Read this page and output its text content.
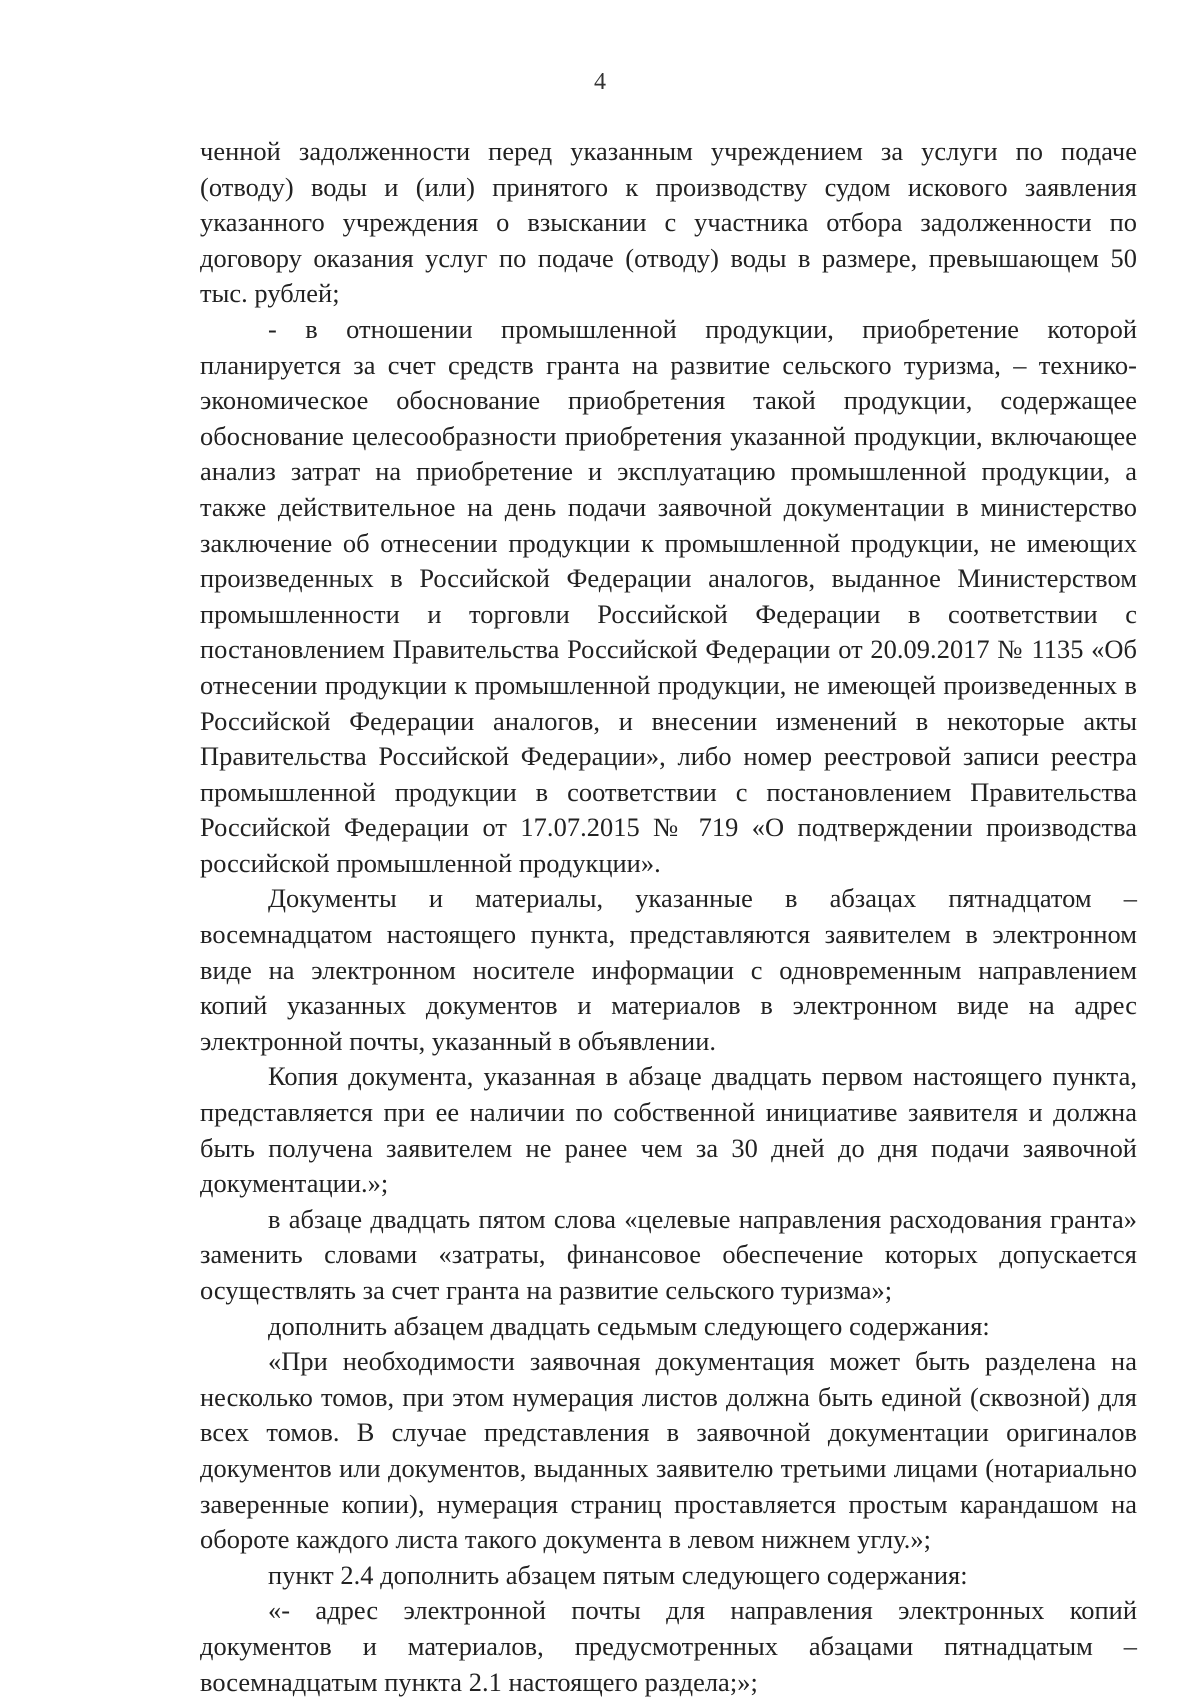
4

ченной задолженности перед указанным учреждением за услуги по подаче (отводу) воды и (или) принятого к производству судом искового заявления указанного учреждения о взыскании с участника отбора задолженности по договору оказания услуг по подаче (отводу) воды в размере, превышающем 50 тыс. рублей;

- в отношении промышленной продукции, приобретение которой планируется за счет средств гранта на развитие сельского туризма, – технико-экономическое обоснование приобретения такой продукции, содержащее обоснование целесообразности приобретения указанной продукции, включающее анализ затрат на приобретение и эксплуатацию промышленной продукции, а также действительное на день подачи заявочной документации в министерство заключение об отнесении продукции к промышленной продукции, не имеющих произведенных в Российской Федерации аналогов, выданное Министерством промышленности и торговли Российской Федерации в соответствии с постановлением Правительства Российской Федерации от 20.09.2017 № 1135 «Об отнесении продукции к промышленной продукции, не имеющей произведенных в Российской Федерации аналогов, и внесении изменений в некоторые акты Правительства Российской Федерации», либо номер реестровой записи реестра промышленной продукции в соответствии с постановлением Правительства Российской Федерации от 17.07.2015 № 719 «О подтверждении производства российской промышленной продукции».

Документы и материалы, указанные в абзацах пятнадцатом – восемнадцатом настоящего пункта, представляются заявителем в электронном виде на электронном носителе информации с одновременным направлением копий указанных документов и материалов в электронном виде на адрес электронной почты, указанный в объявлении.

Копия документа, указанная в абзаце двадцать первом настоящего пункта, представляется при ее наличии по собственной инициативе заявителя и должна быть получена заявителем не ранее чем за 30 дней до дня подачи заявочной документации.»;

в абзаце двадцать пятом слова «целевые направления расходования гранта» заменить словами «затраты, финансовое обеспечение которых допускается осуществлять за счет гранта на развитие сельского туризма»;

дополнить абзацем двадцать седьмым следующего содержания:

«При необходимости заявочная документация может быть разделена на несколько томов, при этом нумерация листов должна быть единой (сквозной) для всех томов. В случае представления в заявочной документации оригиналов документов или документов, выданных заявителю третьими лицами (нотариально заверенные копии), нумерация страниц проставляется простым карандашом на обороте каждого листа такого документа в левом нижнем углу.»;

пункт 2.4 дополнить абзацем пятым следующего содержания:

«- адрес электронной почты для направления электронных копий документов и материалов, предусмотренных абзацами пятнадцатым – восемнадцатым пункта 2.1 настоящего раздела;»;
